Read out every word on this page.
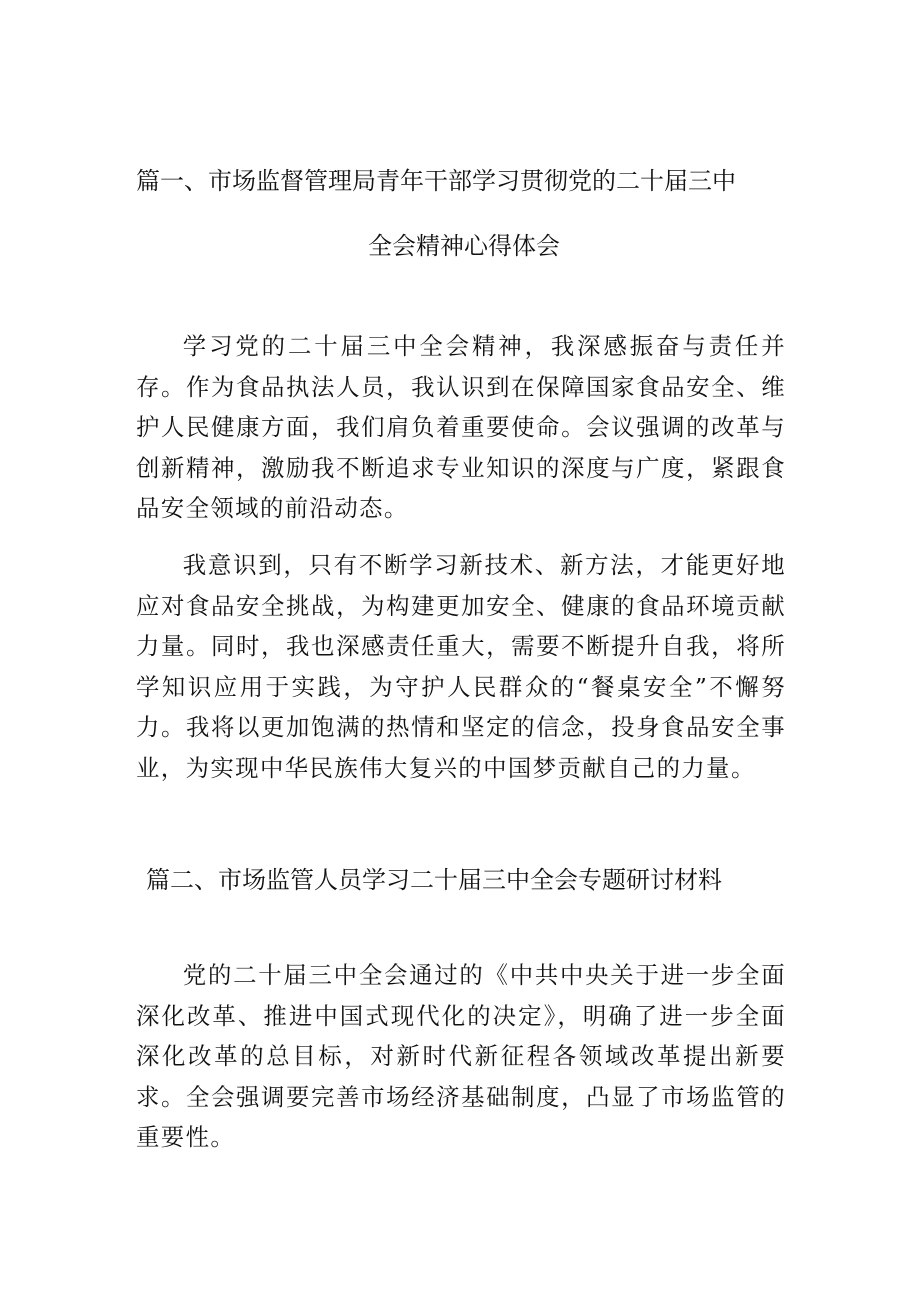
篇一、市场监督管理局青年干部学习贯彻党的二十届三中
全会精神心得体会

学习党的二十届三中全会精神，我深感振奋与责任并存。作为食品执法人员，我认识到在保障国家食品安全、维护人民健康方面，我们肩负着重要使命。会议强调的改革与创新精神，激励我不断追求专业知识的深度与广度，紧跟食品安全领域的前沿动态。

我意识到，只有不断学习新技术、新方法，才能更好地应对食品安全挑战，为构建更加安全、健康的食品环境贡献力量。同时，我也深感责任重大，需要不断提升自我，将所学知识应用于实践，为守护人民群众的“餐桌安全”不懈努力。我将以更加饱满的热情和坚定的信念，投身食品安全事业，为实现中华民族伟大复兴的中国梦贡献自己的力量。

篇二、市场监管人员学习二十届三中全会专题研讨材料

党的二十届三中全会通过的《中共中央关于进一步全面深化改革、推进中国式现代化的决定》，明确了进一步全面深化改革的总目标，对新时代新征程各领域改革提出新要求。全会强调要完善市场经济基础制度，凸显了市场监管的重要性。
